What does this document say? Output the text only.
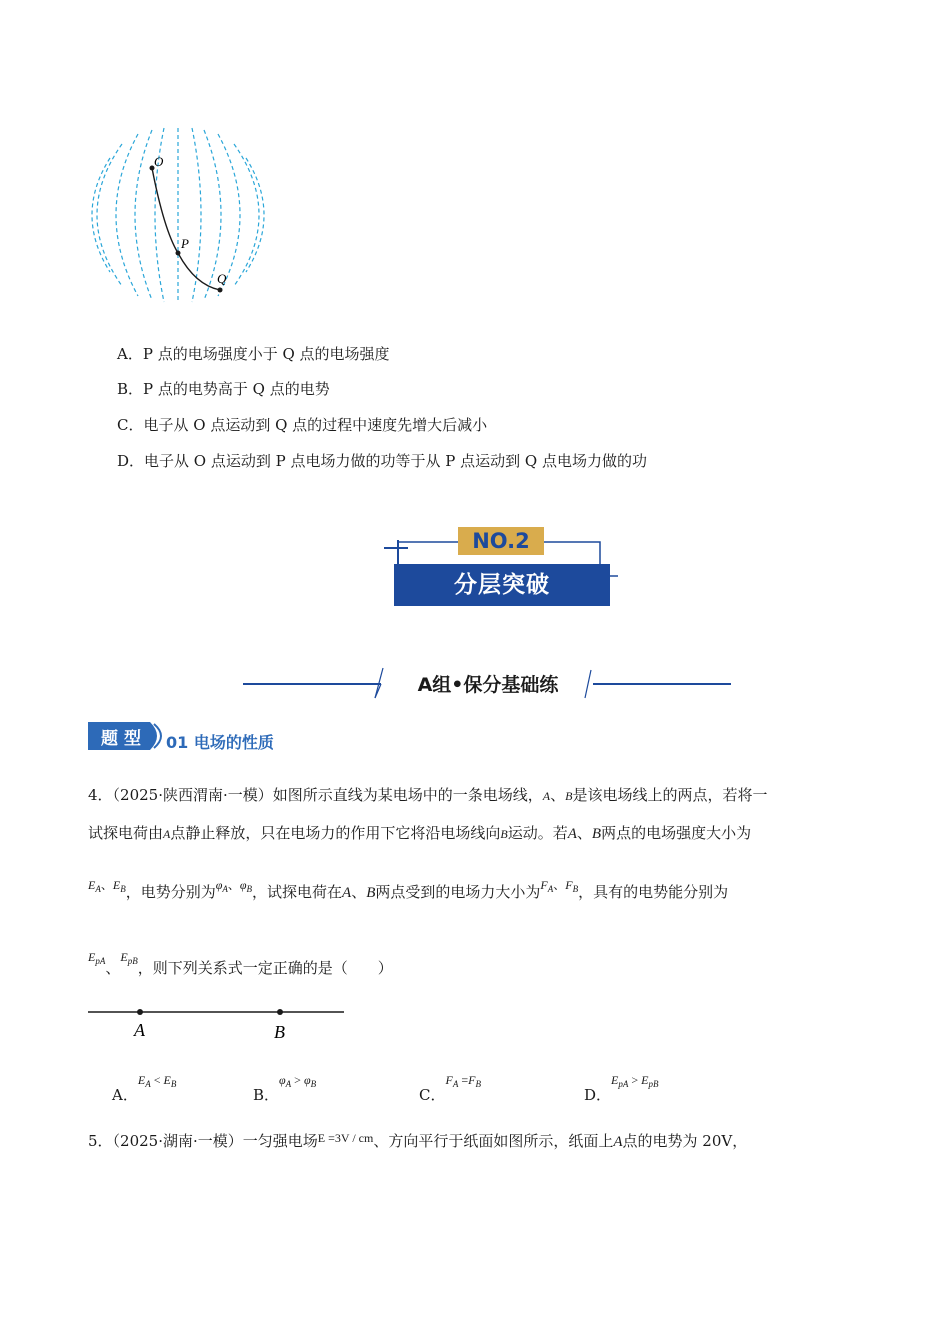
O
P
Q
A．P 点的电场强度小于 Q 点的电场强度
B．P 点的电势高于 Q 点的电势
C．电子从 O 点运动到 Q 点的过程中速度先增大后减小
D．电子从 O 点运动到 P 点电场力做的功等于从 P 点运动到 Q 点电场力做的功
NO.2
分层突破
A组•保分基础练
题 型	01 电场的性质
4．（2025·陕西渭南·一模）如图所示直线为某电场中的一条电场线，A、B是该电场线上的两点，若将一
试探电荷由A点静止释放，只在电场力的作用下它将沿电场线向B运动。若A、B两点的电场强度大小为
$^{E_A、E_B}$，电势分别为$^{\varphi_A、\varphi_B}$，试探电荷在A、B两点受到的电场力大小为$^{F_A、F_B}$，具有的电势能分别为
$^{E_{pA}}$、$^{E_{pB}}$，则下列关系式一定正确的是（　　）
A	B
A．$E_A < E_B$
B．$\varphi_A > \varphi_B$
C．$F_A =F_B$
D．$E_{pA} > E_{pB}$
5．（2025·湖南·一模）一匀强电场$^{E =3V / cm}$、方向平行于纸面如图所示，纸面上A点的电势为 20V，
